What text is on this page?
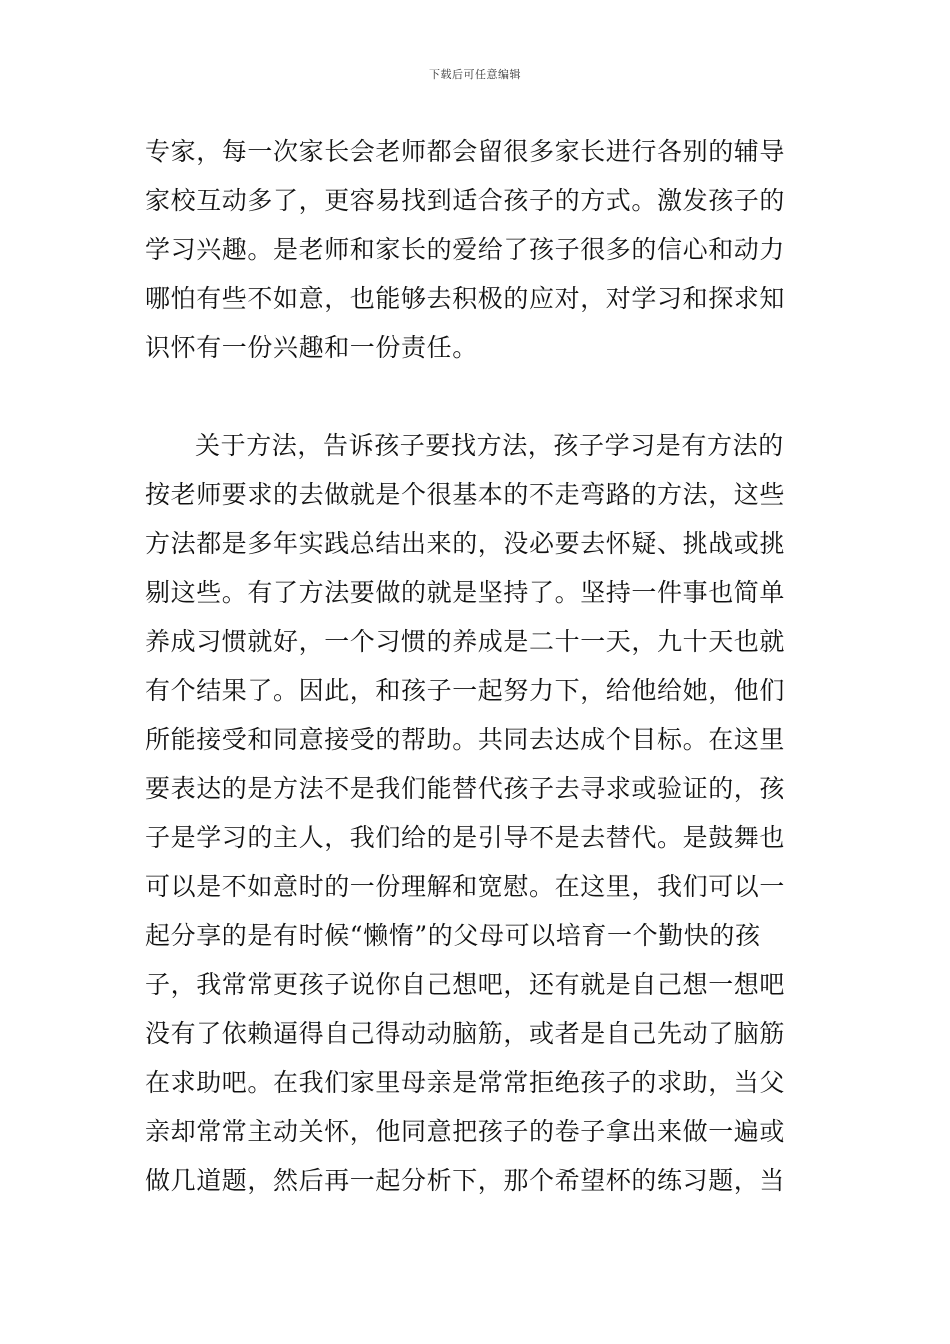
下载后可任意编辑
专家，每一次家长会老师都会留很多家长进行各别的辅导
家校互动多了，更容易找到适合孩子的方式。激发孩子的
学习兴趣。是老师和家长的爱给了孩子很多的信心和动力
哪怕有些不如意，也能够去积极的应对，对学习和探求知
识怀有一份兴趣和一份责任。
关于方法，告诉孩子要找方法，孩子学习是有方法的
按老师要求的去做就是个很基本的不走弯路的方法，这些
方法都是多年实践总结出来的，没必要去怀疑、挑战或挑
剔这些。有了方法要做的就是坚持了。坚持一件事也简单
养成习惯就好，一个习惯的养成是二十一天，九十天也就
有个结果了。因此，和孩子一起努力下，给他给她，他们
所能接受和同意接受的帮助。共同去达成个目标。在这里
要表达的是方法不是我们能替代孩子去寻求或验证的，孩
子是学习的主人，我们给的是引导不是去替代。是鼓舞也
可以是不如意时的一份理解和宽慰。在这里，我们可以一
起分享的是有时候“懒惰”的父母可以培育一个勤快的孩
子，我常常更孩子说你自己想吧，还有就是自己想一想吧
没有了依赖逼得自己得动动脑筋，或者是自己先动了脑筋
在求助吧。在我们家里母亲是常常拒绝孩子的求助，当父
亲却常常主动关怀，他同意把孩子的卷子拿出来做一遍或
做几道题，然后再一起分析下，那个希望杯的练习题，当
